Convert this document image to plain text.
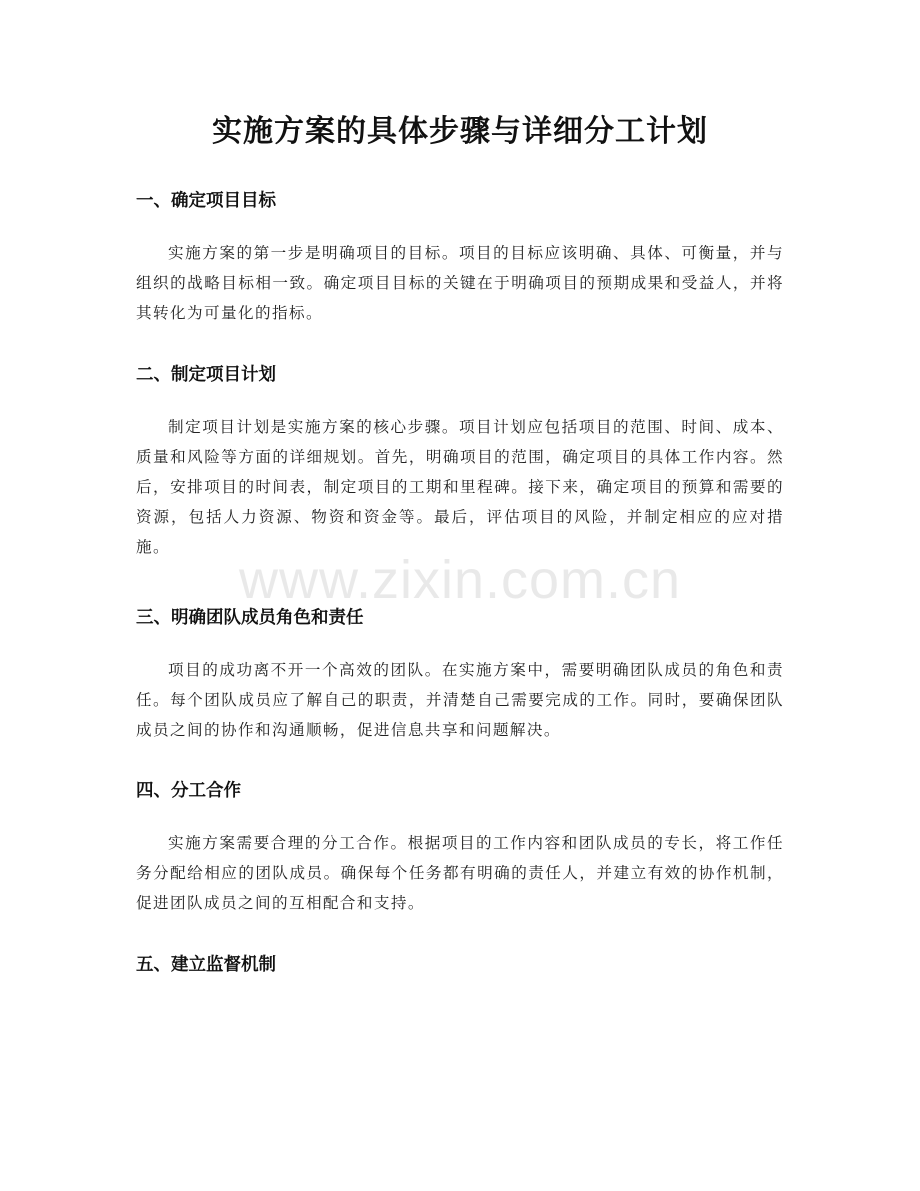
实施方案的具体步骤与详细分工计划
一、确定项目目标

实施方案的第一步是明确项目的目标。项目的目标应该明确、具体、可衡量，并与组织的战略目标相一致。确定项目目标的关键在于明确项目的预期成果和受益人，并将其转化为可量化的指标。

二、制定项目计划

制定项目计划是实施方案的核心步骤。项目计划应包括项目的范围、时间、成本、质量和风险等方面的详细规划。首先，明确项目的范围，确定项目的具体工作内容。然后，安排项目的时间表，制定项目的工期和里程碑。接下来，确定项目的预算和需要的资源，包括人力资源、物资和资金等。最后，评估项目的风险，并制定相应的应对措施。

三、明确团队成员角色和责任

项目的成功离不开一个高效的团队。在实施方案中，需要明确团队成员的角色和责任。每个团队成员应了解自己的职责，并清楚自己需要完成的工作。同时，要确保团队成员之间的协作和沟通顺畅，促进信息共享和问题解决。

四、分工合作

实施方案需要合理的分工合作。根据项目的工作内容和团队成员的专长，将工作任务分配给相应的团队成员。确保每个任务都有明确的责任人，并建立有效的协作机制，促进团队成员之间的互相配合和支持。

五、建立监督机制
www.zixin.com.cn
